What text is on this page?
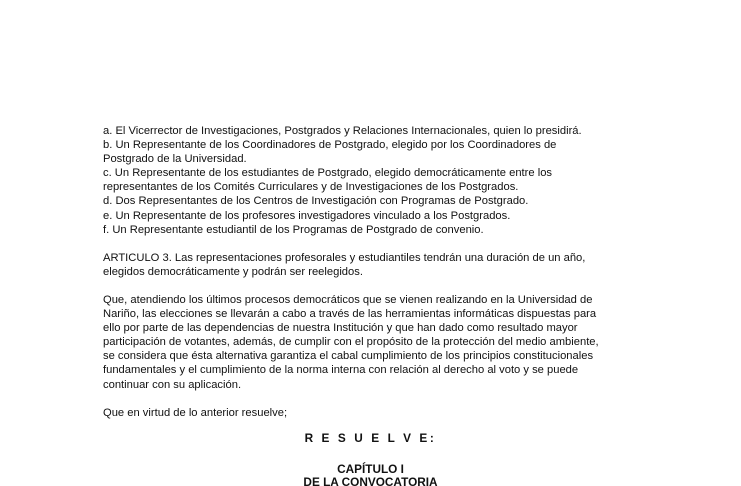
a. El Vicerrector de Investigaciones, Postgrados y Relaciones Internacionales, quien lo presidirá.

b. Un Representante de los Coordinadores de Postgrado, elegido por los Coordinadores de

Postgrado de la Universidad.

c. Un Representante de los estudiantes de Postgrado, elegido democráticamente entre los

representantes de los Comités Curriculares y de Investigaciones de los Postgrados.

d. Dos Representantes de los Centros de Investigación con Programas de Postgrado.

e. Un Representante de los profesores investigadores vinculado a los Postgrados.

f. Un Representante estudiantil de los Programas de Postgrado de convenio.

ARTICULO 3. Las representaciones profesorales y estudiantiles tendrán una duración de un año,

elegidos democráticamente y podrán ser reelegidos.

Que, atendiendo los últimos procesos democráticos que se vienen realizando en la Universidad de

Nariño, las elecciones se llevarán a cabo a través de las herramientas informáticas dispuestas para

ello por parte de las dependencias de nuestra Institución y que han dado como resultado mayor

participación de votantes, además, de cumplir con el propósito de la protección del medio ambiente,

se considera que ésta alternativa garantiza el cabal cumplimiento de los principios constitucionales

fundamentales y el cumplimiento de la norma interna con relación al derecho al voto y se puede

continuar con su aplicación.

Que en virtud de lo anterior resuelve;

R E S U E L V E:
CAPÍTULO I
DE LA CONVOCATORIA
